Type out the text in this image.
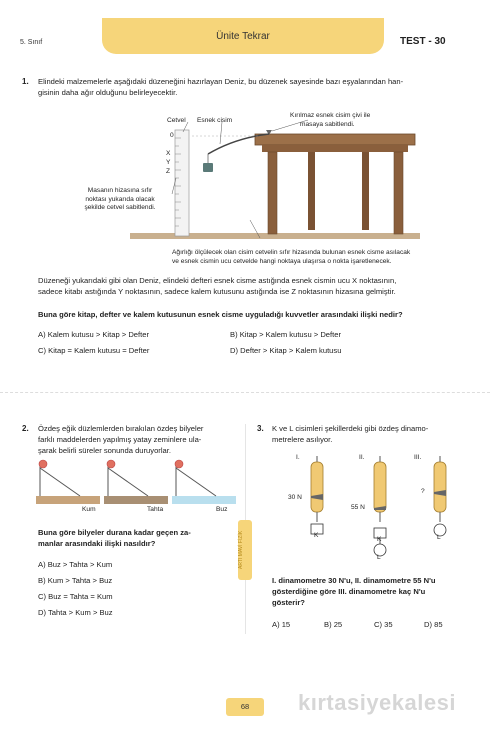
5. Sınıf
Ünite Tekrar	TEST - 30
1. Elindeki malzemelerle aşağıdaki düzeneğini hazırlayan Deniz, bu düzenek sayesinde bazı eşyalarından han-
gisinin daha ağır olduğunu belirleyecektir.
Cetvel Esnek cisim
Kırılmaz esnek cisim çivi ile
masaya sabitlendi.
0
X
Y
Z
Masanın hizasına sıfır
noktası yukarıda olacak
şekilde cetvel sabitlendi.
Ağırlığı ölçülecek olan cisim cetvelin sıfır hizasında bulunan esnek cisme asılacak
ve esnek cismin ucu cetvelde hangi noktaya ulaşırsa o nokta işaretlenecek.
Düzeneği yukarıdaki gibi olan Deniz, elindeki defteri esnek cisme astığında esnek cismin ucu X noktasının,
sadece kitabı astığında Y noktasının, sadece kalem kutusunu astığında ise Z noktasının hizasına gelmiştir.
Buna göre kitap, defter ve kalem kutusunun esnek cisme uyguladığı kuvvetler arasındaki ilişki nedir?
A) Kalem kutusu > Kitap > Defter	B) Kitap > Kalem kutusu > Defter
C) Kitap = Kalem kutusu = Defter	D) Defter > Kitap > Kalem kutusu
2. Özdeş eğik düzlemlerden bırakılan özdeş bilyeler
farklı maddelerden yapılmış yatay zeminlere ula-
şarak belirli süreler sonunda duruyorlar.
Kum	Tahta	Buz
Buna göre bilyeler durana kadar geçen za-
manlar arasındaki ilişki nasıldır?
A) Buz > Tahta > Kum
B) Kum > Tahta > Buz
C) Buz = Tahta = Kum
D) Tahta > Kum > Buz
ARTI MAVİ FİZİK
3. K ve L cisimleri şekillerdeki gibi özdeş dinamo-
metrelere asılıyor.
I.	II.	III.
30 N
55 N
?
K
K
L
L
I. dinamometre 30 N'u, II. dinamometre 55 N'u
gösterdiğine göre III. dinamometre kaç N'u
gösterir?
A) 15	B) 25	C) 35	D) 85
68	kırtasiyekalesi
